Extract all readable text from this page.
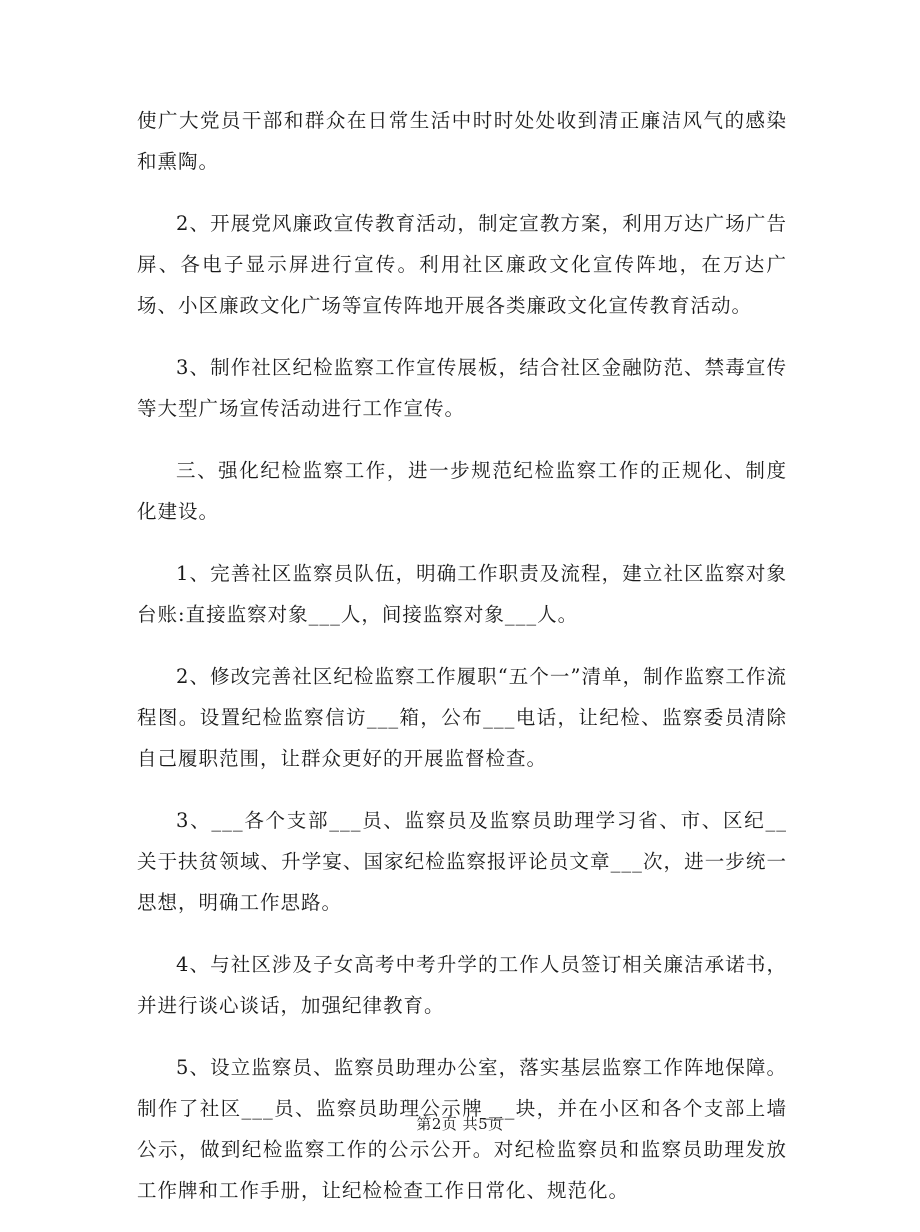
使广大党员干部和群众在日常生活中时时处处收到清正廉洁风气的感染和熏陶。

2、开展党风廉政宣传教育活动，制定宣教方案，利用万达广场广告屏、各电子显示屏进行宣传。利用社区廉政文化宣传阵地，在万达广场、小区廉政文化广场等宣传阵地开展各类廉政文化宣传教育活动。

3、制作社区纪检监察工作宣传展板，结合社区金融防范、禁毒宣传等大型广场宣传活动进行工作宣传。

三、强化纪检监察工作，进一步规范纪检监察工作的正规化、制度化建设。

1、完善社区监察员队伍，明确工作职责及流程，建立社区监察对象台账:直接监察对象___人，间接监察对象___人。

2、修改完善社区纪检监察工作履职“五个一”清单，制作监察工作流程图。设置纪检监察信访___箱，公布___电话，让纪检、监察委员清除自己履职范围，让群众更好的开展监督检查。

3、___各个支部___员、监察员及监察员助理学习省、市、区纪__关于扶贫领域、升学宴、国家纪检监察报评论员文章___次，进一步统一思想，明确工作思路。

4、与社区涉及子女高考中考升学的工作人员签订相关廉洁承诺书，并进行谈心谈话，加强纪律教育。

5、设立监察员、监察员助理办公室，落实基层监察工作阵地保障。制作了社区___员、监察员助理公示牌___块，并在小区和各个支部上墙公示，做到纪检监察工作的公示公开。对纪检监察员和监察员助理发放工作牌和工作手册，让纪检检查工作日常化、规范化。

第2页 共5页
